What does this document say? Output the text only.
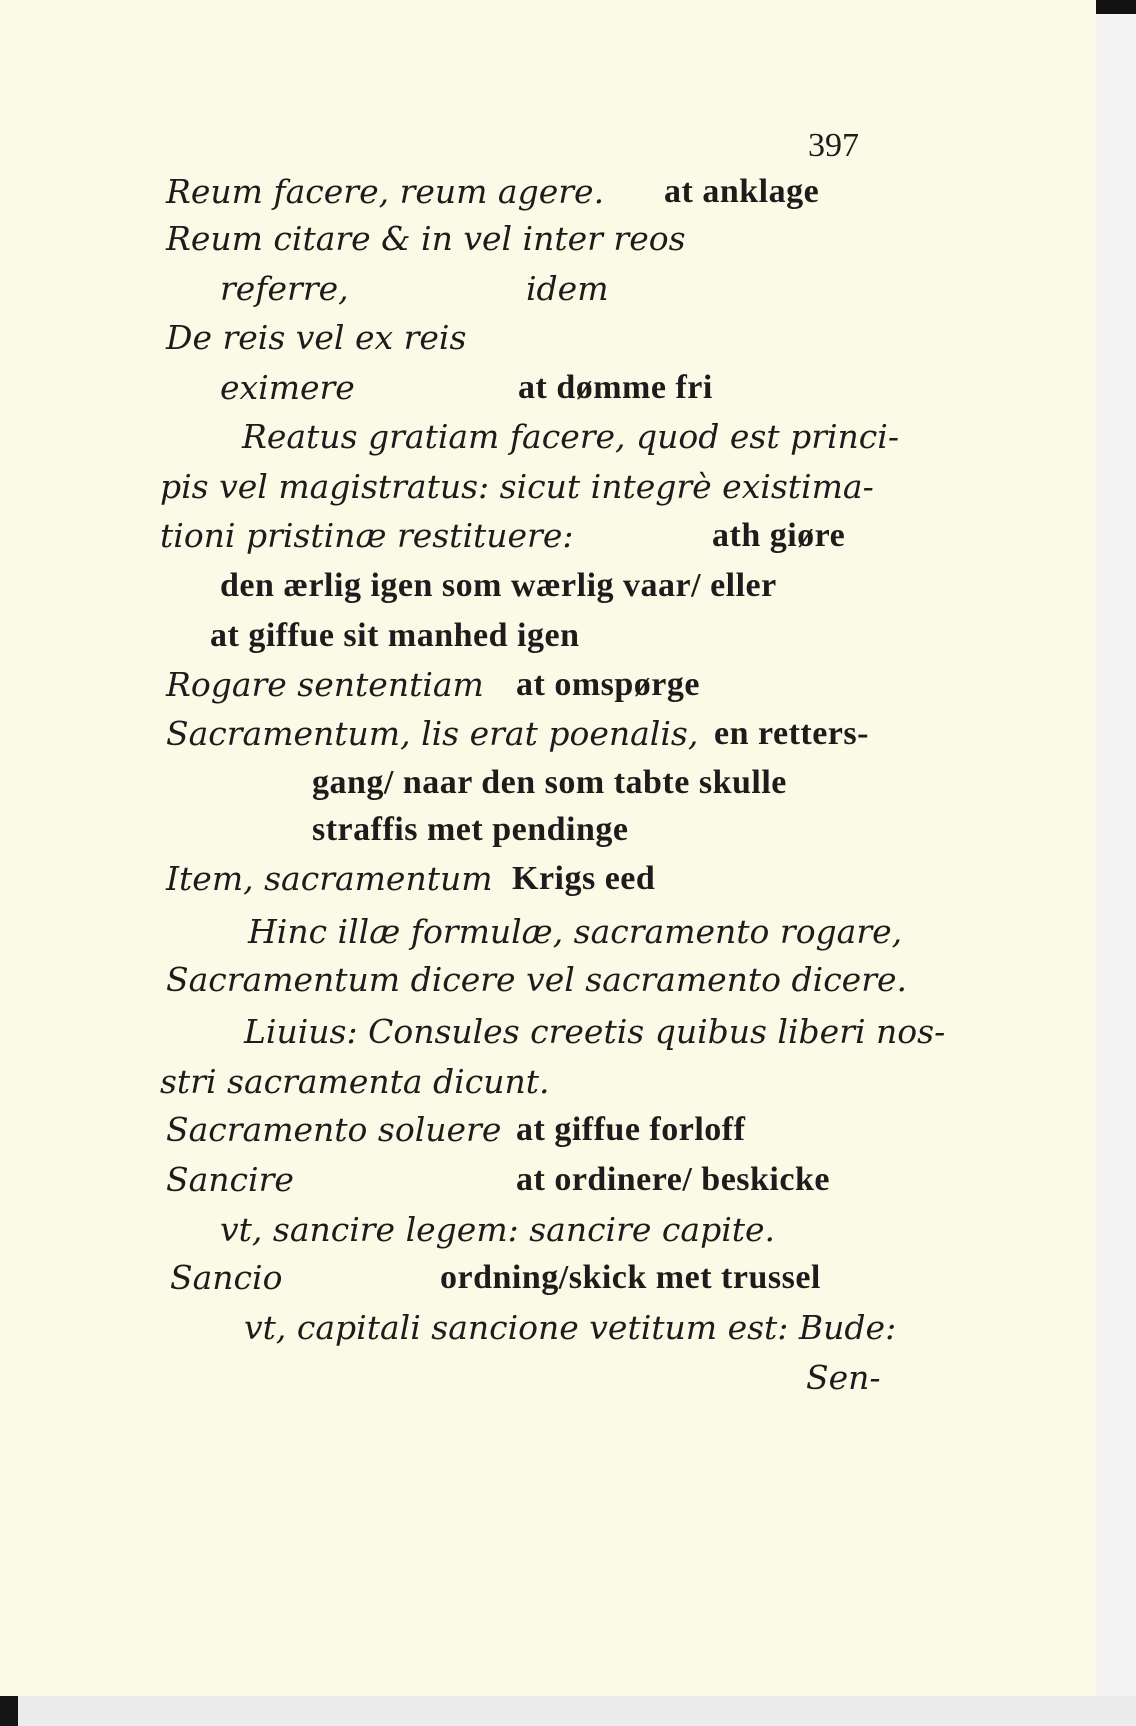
397
Reum facere, reum agere. at anklage
Reum citare & in vel inter reos
referre,	idem
De reis vel ex reis
eximere	at dømme fri
Reatus gratiam facere, quod est princi-
pis vel magistratus: sicut integrè existima-
tioni pristinæ restituere:	ath giøre
den ærlig igen som wærlig vaar/ eller
at giffue sit manhed igen
Rogare sententiam at omspørge
Sacramentum, lis erat poenalis, en retters-
gang/ naar den som tabte skulle
straffis met pendinge
Item, sacramentum Krigs eed
Hinc illæ formulæ, sacramento rogare,
Sacramentum dicere vel sacramento dicere.
Liuius: Consules creetis quibus liberi nos-
stri sacramenta dicunt.
Sacramento soluere at giffue forloff
Sancire	at ordinere/ beskicke
vt, sancire legem: sancire capite.
Sancio	ordning/skick met trussel
vt, capitali sancione vetitum est: Bude:
Sen-
